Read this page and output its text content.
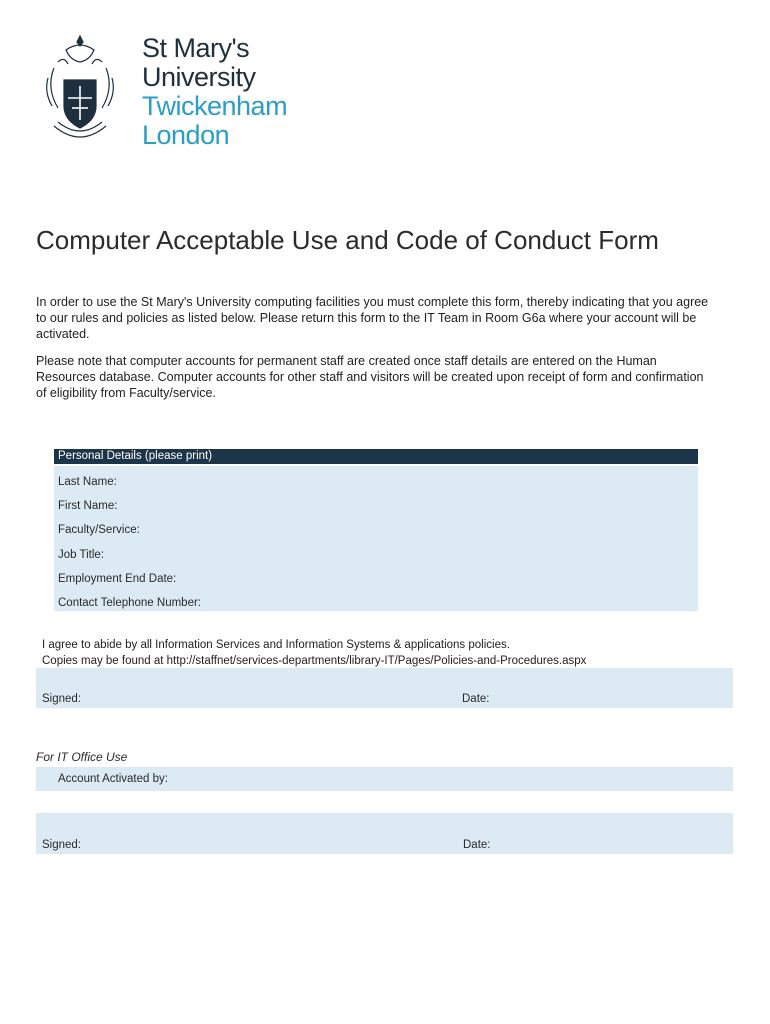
St Mary's
University
Twickenham
London
Computer Acceptable Use and Code of Conduct Form

In order to use the St Mary's University computing facilities you must complete this form, thereby indicating that you agree to our rules and policies as listed below. Please return this form to the IT Team in Room G6a where your account will be activated.

Please note that computer accounts for permanent staff are created once staff details are entered on the Human Resources database. Computer accounts for other staff and visitors will be created upon receipt of form and confirmation of eligibility from Faculty/service.

Personal Details (please print)
Last Name:
First Name:
Faculty/Service:
Job Title:
Employment End Date:
Contact Telephone Number:
I agree to abide by all Information Services and Information Systems & applications policies.
Copies may be found at http://staffnet/services-departments/library-IT/Pages/Policies-and-Procedures.aspx
Signed:	Date:
For IT Office Use
Account Activated by:
Signed:	Date:
